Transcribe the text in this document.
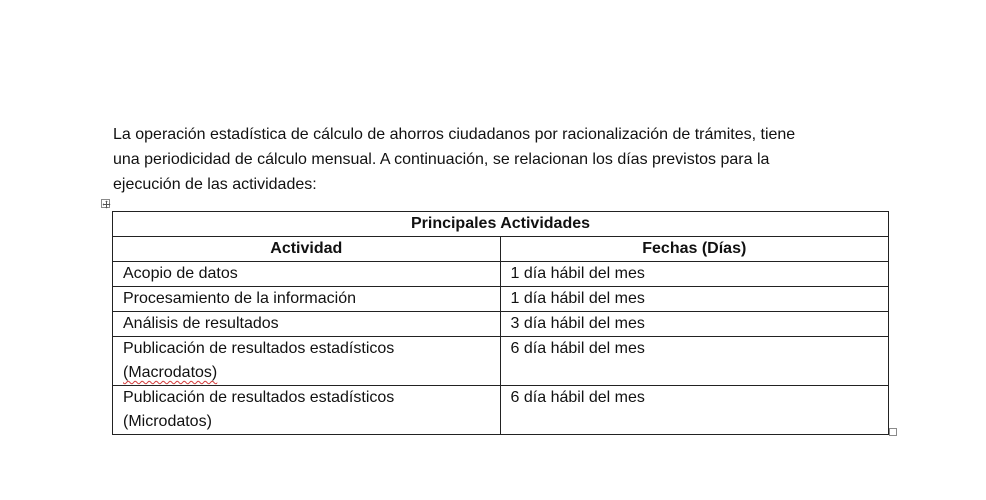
La operación estadística de cálculo de ahorros ciudadanos por racionalización de trámites, tiene
una periodicidad de cálculo mensual. A continuación, se relacionan los días previstos para la
ejecución de las actividades:

Principales Actividades	
Actividad	Fechas (Días)
Acopio de datos	1 día hábil del mes
Procesamiento de la información	1 día hábil del mes
Análisis de resultados	3 día hábil del mes
Publicación de resultados estadísticos
(Macrodatos)	6 día hábil del mes
Publicación de resultados estadísticos
(Microdatos)	6 día hábil del mes
